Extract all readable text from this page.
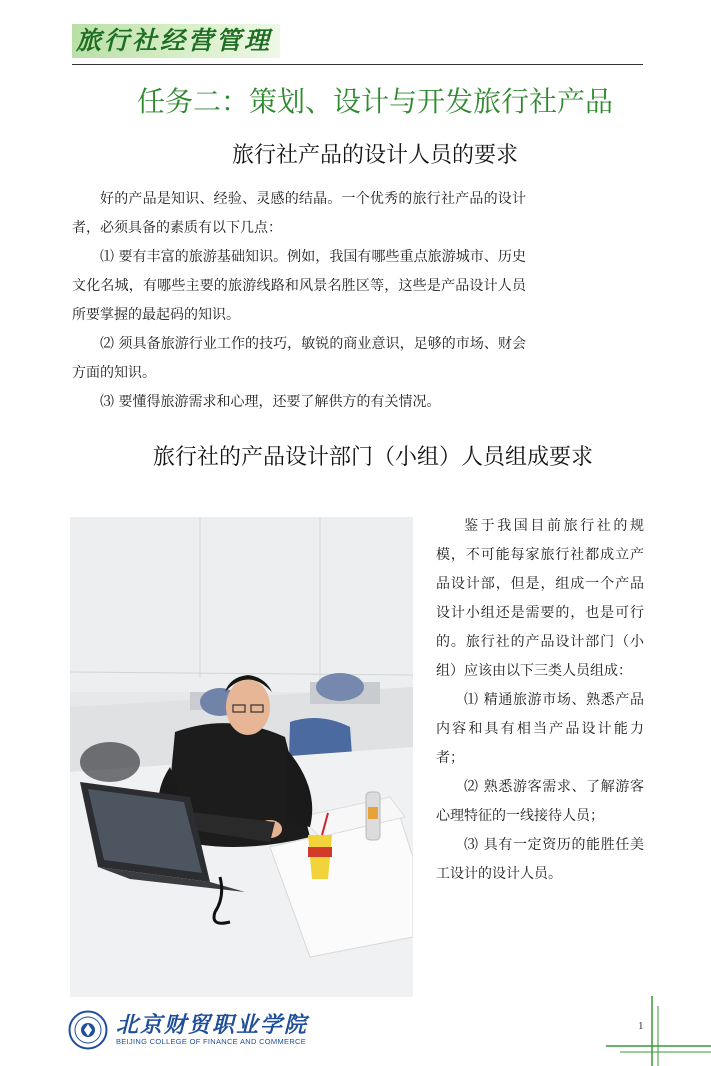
旅行社经营管理
任务二：策划、设计与开发旅行社产品
旅行社产品的设计人员的要求

好的产品是知识、经验、灵感的结晶。一个优秀的旅行社产品的设计者，必须具备的素质有以下几点：

⑴ 要有丰富的旅游基础知识。例如，我国有哪些重点旅游城市、历史文化名城，有哪些主要的旅游线路和风景名胜区等，这些是产品设计人员所要掌握的最起码的知识。

⑵ 须具备旅游行业工作的技巧，敏锐的商业意识，足够的市场、财会方面的知识。

⑶ 要懂得旅游需求和心理，还要了解供方的有关情况。

旅行社的产品设计部门（小组）人员组成要求

鉴于我国目前旅行社的规模，不可能每家旅行社都成立产品设计部，但是，组成一个产品设计小组还是需要的，也是可行的。旅行社的产品设计部门（小组）应该由以下三类人员组成：

⑴ 精通旅游市场、熟悉产品内容和具有相当产品设计能力者；

⑵ 熟悉游客需求、了解游客心理特征的一线接待人员；

⑶ 具有一定资历的能胜任美工设计的设计人员。

北京财贸职业学院
BEIJING COLLEGE OF FINANCE AND COMMERCE
1
